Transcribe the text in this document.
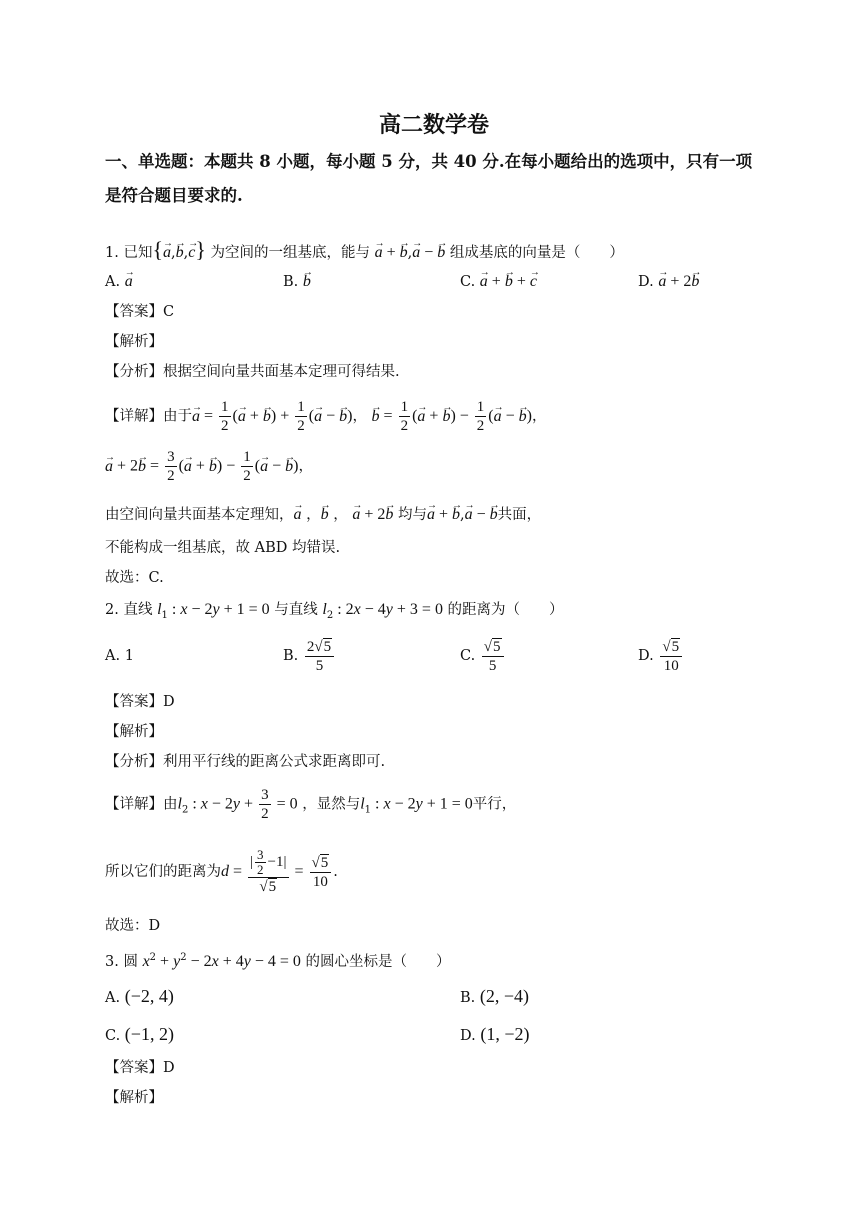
高二数学卷
一、单选题：本题共 8 小题，每小题 5 分，共 40 分.在每小题给出的选项中，只有一项
是符合题目要求的.
1. 已知{→ a,→ b,→ c} 为空间的一组基底，能与 → a + → b,→ a − → b 组成基底的向量是（　　）
A. → a	B. → b	C. → a + → b + → c	D. → a + 2→ b
【答案】C
【解析】
【分析】根据空间向量共面基本定理可得结果.
【详解】由于→ $a = \frac{1}{2}$ (→ a + → $b) + \frac{1}{2}$ (→ a − → b)， → $b = \frac{1}{2}$ (→ a + → $b) - \frac{1}{2}$ (→ a − → b)，
→ $a + 2\to b = \frac{3}{2}$ (→ a + → $b) - \frac{1}{2}$ (→ a − → b)，
由空间向量共面基本定理知，→ a ，→ b ， → a + 2→ b 均与→ a + → b,→ a − → b共面，
不能构成一组基底，故 ABD 均错误.
故选：C.
2. 直线 $l_1$ : x − 2y + 1 = 0 与直线 $l_2$ : 2x − 4y + 3 = 0 的距离为（　　）
A. 1	B. $\frac{2√5}{5}$	C. $\frac{√5}{5}$	D. $\frac{√5}{10}$
【答案】D
【解析】
【分析】利用平行线的距离公式求距离即可.
【详解】由$l_2$ : $x - 2y + \frac{3}{2} = 0$ ，显然与$l_1$ : x − 2y + 1 = 0平行，
所以它们的距离为$d = \frac{| \frac{3}{2} -1|}{√5} = \frac{√5}{10}$ .
故选：D
3. 圆 $x^2 + y^2 - 2x + 4y - 4 = 0$ 的圆心坐标是（　　）
A. (−2, 4)	B. (2, −4)
C. (−1, 2)	D. (1, −2)
【答案】D
【解析】
